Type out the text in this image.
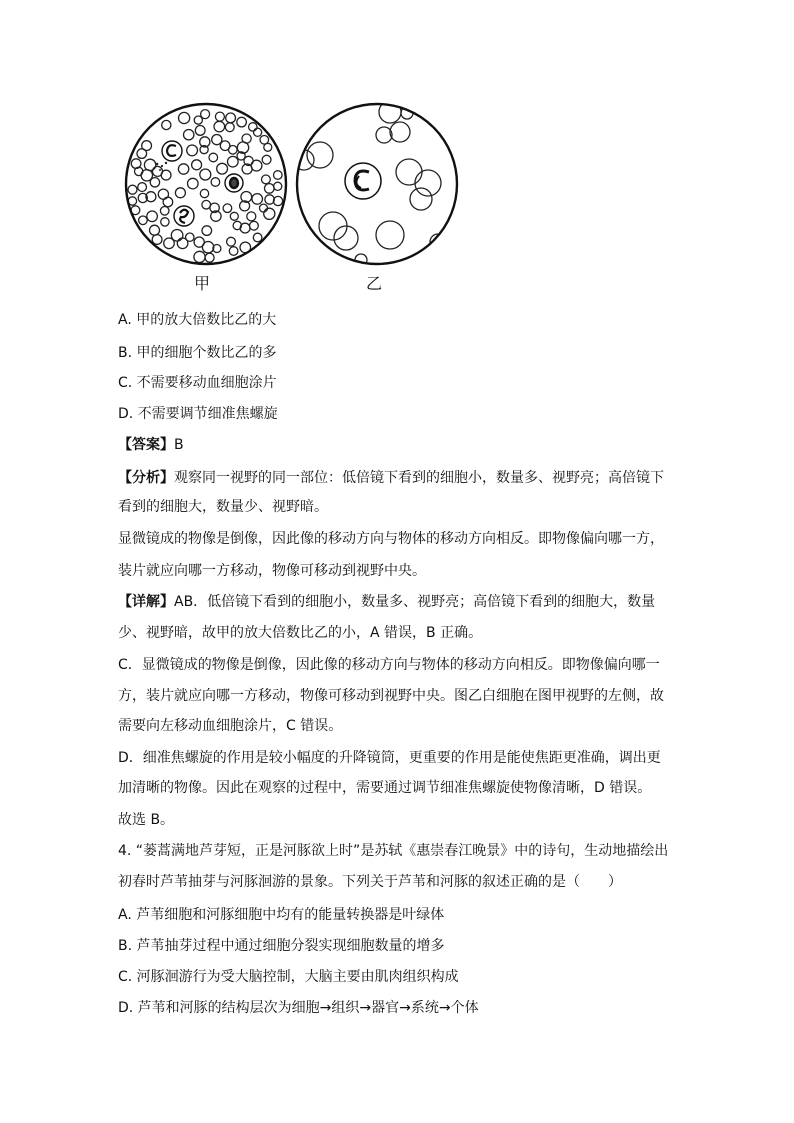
甲	乙
A. 甲的放大倍数比乙的大
B. 甲的细胞个数比乙的多
C. 不需要移动血细胞涂片
D. 不需要调节细准焦螺旋
【答案】B
【分析】观察同一视野的同一部位：低倍镜下看到的细胞小，数量多、视野亮；高倍镜下
看到的细胞大，数量少、视野暗。
显微镜成的物像是倒像，因此像的移动方向与物体的移动方向相反。即物像偏向哪一方，
装片就应向哪一方移动，物像可移动到视野中央。
【详解】AB．低倍镜下看到的细胞小，数量多、视野亮；高倍镜下看到的细胞大，数量
少、视野暗，故甲的放大倍数比乙的小，A 错误，B 正确。
C．显微镜成的物像是倒像，因此像的移动方向与物体的移动方向相反。即物像偏向哪一
方，装片就应向哪一方移动，物像可移动到视野中央。图乙白细胞在图甲视野的左侧，故
需要向左移动血细胞涂片，C 错误。
D．细准焦螺旋的作用是较小幅度的升降镜筒，更重要的作用是能使焦距更准确，调出更
加清晰的物像。因此在观察的过程中，需要通过调节细准焦螺旋使物像清晰，D 错误。
故选 B。
4. “蒌蒿满地芦芽短，正是河豚欲上时”是苏轼《惠崇春江晚景》中的诗句，生动地描绘出
初春时芦苇抽芽与河豚洄游的景象。下列关于芦苇和河豚的叙述正确的是（　　）
A. 芦苇细胞和河豚细胞中均有的能量转换器是叶绿体
B. 芦苇抽芽过程中通过细胞分裂实现细胞数量的增多
C. 河豚洄游行为受大脑控制，大脑主要由肌肉组织构成
D. 芦苇和河豚的结构层次为细胞→组织→器官→系统→个体
